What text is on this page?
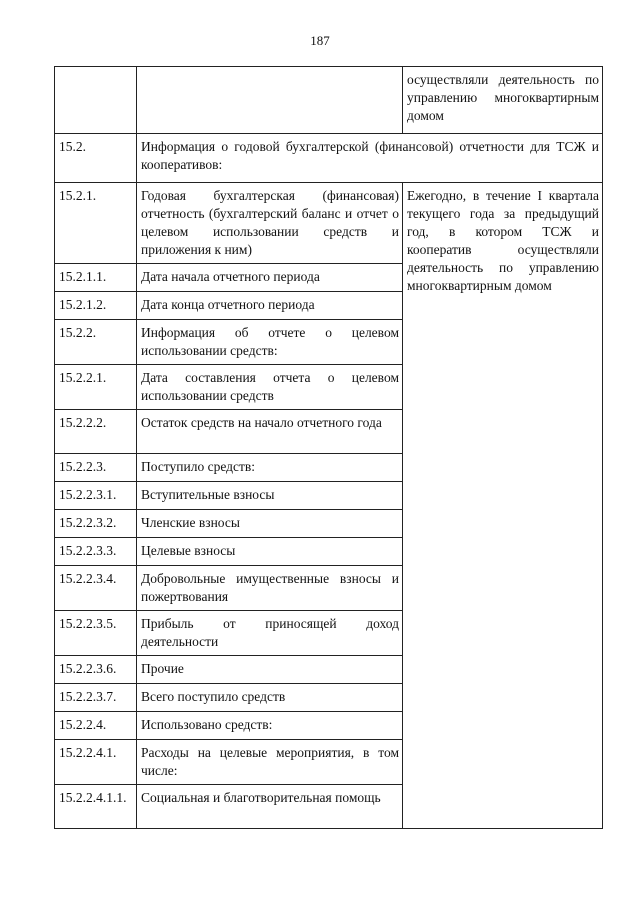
187
		осуществляли деятельность по управлению многоквартирным домом
15.2.	Информация о годовой бухгалтерской (финансовой) отчетности для ТСЖ и кооперативов:	
15.2.1.	Годовая бухгалтерская (финансовая) отчетность (бухгалтерский баланс и отчет о целевом использовании средств и приложения к ним)	Ежегодно, в течение I квартала текущего года за предыдущий год, в котором ТСЖ и кооператив осуществляли деятельность по управлению многоквартирным домом
15.2.1.1.	Дата начала отчетного периода	
15.2.1.2.	Дата конца отчетного периода	
15.2.2.	Информация об отчете о целевом использовании средств:	
15.2.2.1.	Дата составления отчета о целевом использовании средств	
15.2.2.2.	Остаток средств на начало отчетного года	
15.2.2.3.	Поступило средств:	
15.2.2.3.1.	Вступительные взносы	
15.2.2.3.2.	Членские взносы	
15.2.2.3.3.	Целевые взносы	
15.2.2.3.4.	Добровольные имущественные взносы и пожертвования	
15.2.2.3.5.	Прибыль от приносящей доход деятельности	
15.2.2.3.6.	Прочие	
15.2.2.3.7.	Всего поступило средств	
15.2.2.4.	Использовано средств:	
15.2.2.4.1.	Расходы на целевые мероприятия, в том числе:	
15.2.2.4.1.1.	Социальная и благотворительная помощь	
